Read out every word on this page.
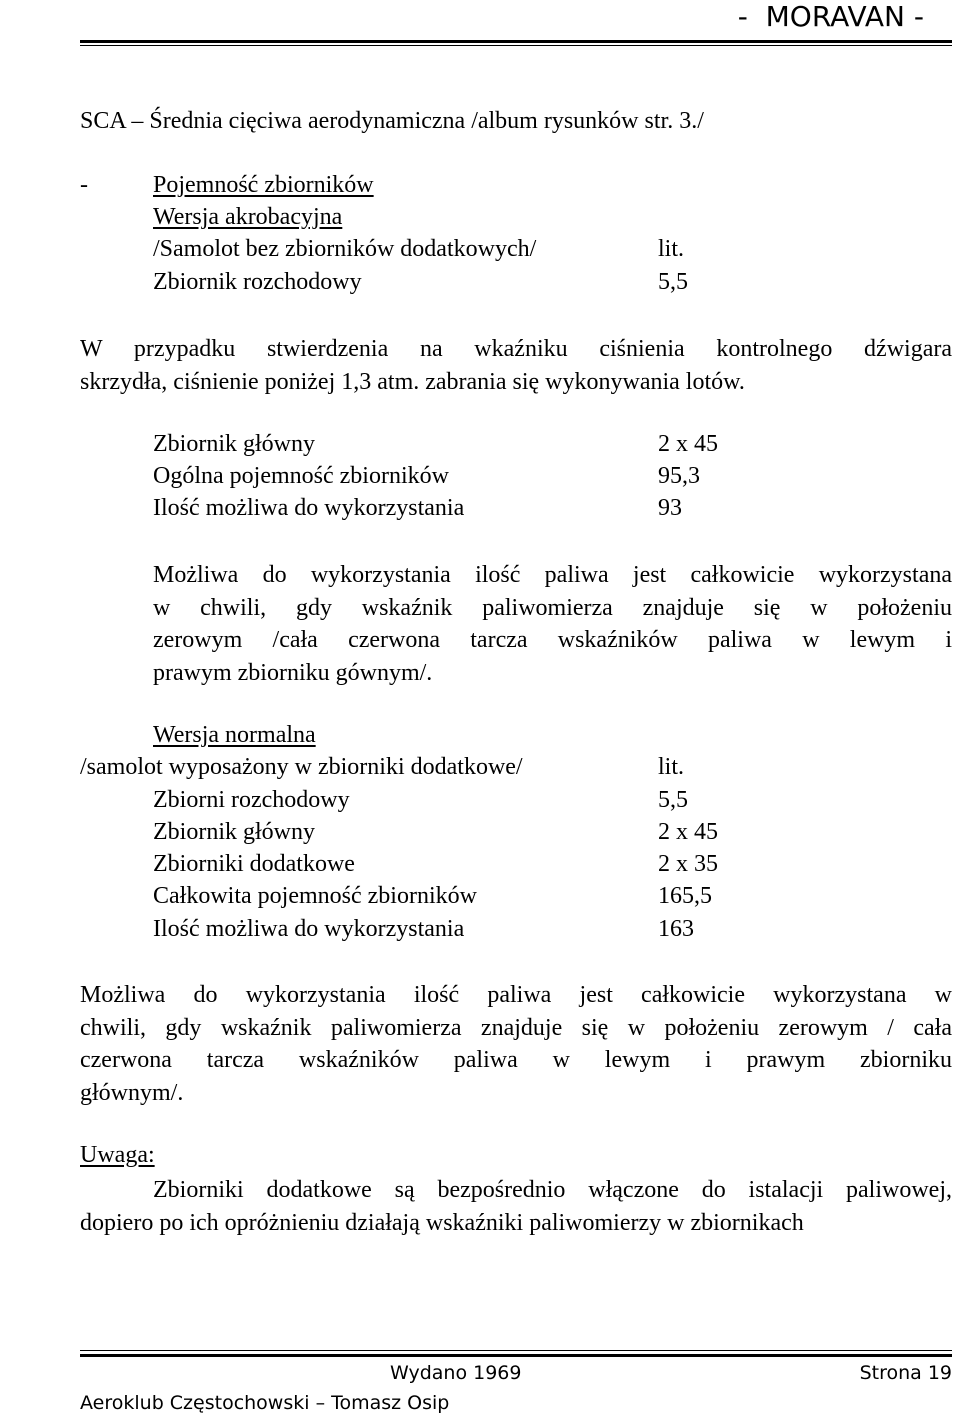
-  MORAVAN -
SCA – Średnia cięciwa aerodynamiczna /album rysunków str. 3./
-	Pojemność zbiorników
Wersja akrobacyjna
/Samolot bez zbiorników dodatkowych/	lit.
Zbiornik rozchodowy	5,5
W przypadku stwierdzenia na wkaźniku ciśnienia kontrolnego dźwigara
skrzydła, ciśnienie poniżej 1,3 atm. zabrania się wykonywania lotów.
Zbiornik główny	2 x 45
Ogólna pojemność zbiorników	95,3
Ilość możliwa do wykorzystania	93
Możliwa do wykorzystania ilość paliwa jest całkowicie wykorzystana
w chwili, gdy wskaźnik paliwomierza znajduje się w położeniu
zerowym /cała czerwona tarcza wskaźników paliwa w lewym i
prawym zbiorniku gównym/.
Wersja normalna
/samolot wyposażony w zbiorniki dodatkowe/	lit.
Zbiorni rozchodowy	5,5
Zbiornik główny	2 x 45
Zbiorniki dodatkowe	2 x 35
Całkowita pojemność zbiorników	165,5
Ilość możliwa do wykorzystania	163
Możliwa do wykorzystania ilość paliwa jest całkowicie wykorzystana w
chwili, gdy wskaźnik paliwomierza znajduje się w położeniu zerowym / cała
czerwona tarcza wskaźników paliwa w lewym i prawym zbiorniku
głównym/.
Uwaga:
Zbiorniki dodatkowe są bezpośrednio włączone do istalacji paliwowej,
dopiero po ich opróżnieniu działają wskaźniki paliwomierzy w zbiornikach
Wydano 1969	Strona 19
Aeroklub Częstochowski – Tomasz Osip
